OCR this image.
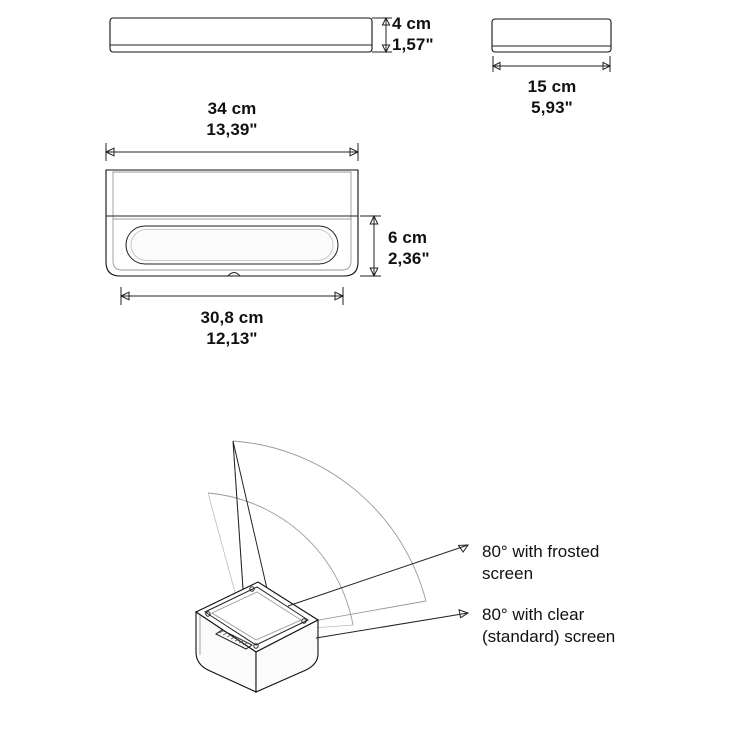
4 cm
1,57"
15 cm
5,93"
34 cm
13,39"
6 cm
2,36"
30,8 cm
12,13"
80° with frosted
screen
80° with clear
(standard) screen
